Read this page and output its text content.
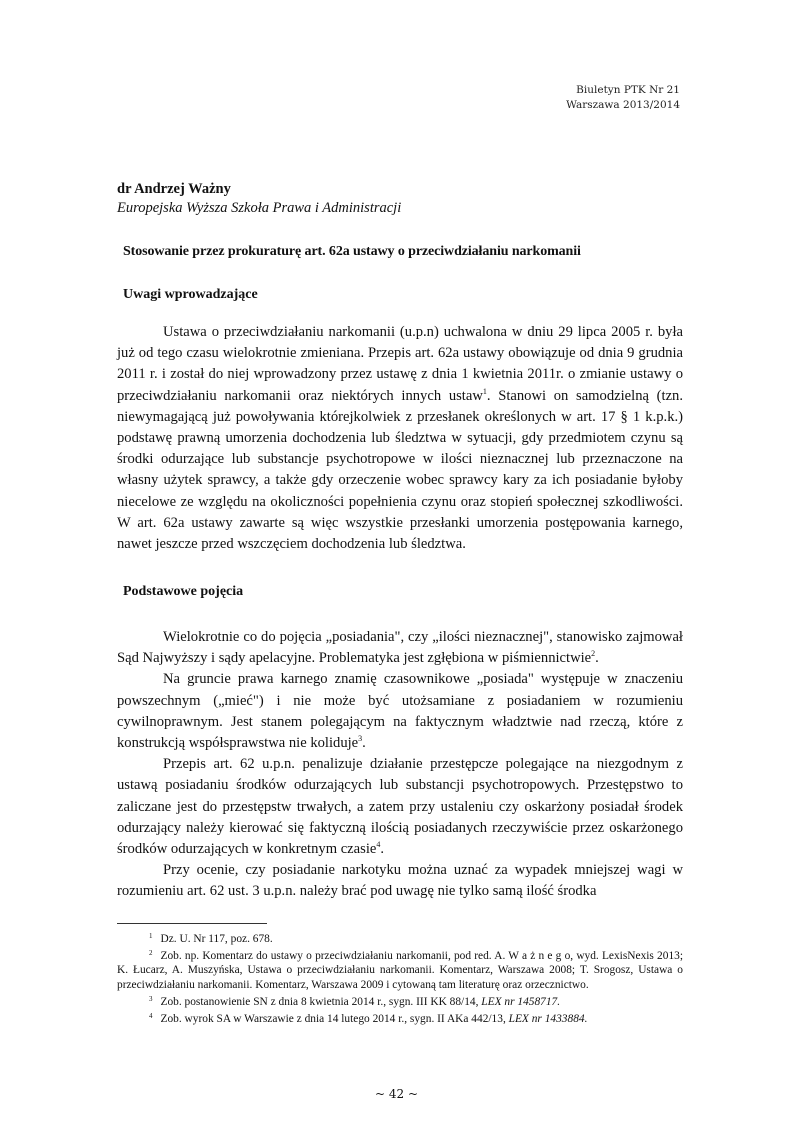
Biuletyn PTK Nr 21
Warszawa 2013/2014
dr Andrzej Ważny
Europejska Wyższa Szkoła Prawa i Administracji
Stosowanie przez prokuraturę art. 62a ustawy o przeciwdziałaniu narkomanii
Uwagi wprowadzające

Ustawa o przeciwdziałaniu narkomanii (u.p.n) uchwalona w dniu 29 lipca 2005 r. była już od tego czasu wielokrotnie zmieniana. Przepis art. 62a ustawy obowiązuje od dnia 9 grudnia 2011 r. i został do niej wprowadzony przez ustawę z dnia 1 kwietnia 2011r. o zmianie ustawy o przeciwdziałaniu narkomanii oraz niektórych innych ustaw$^1$. Stanowi on samodzielną (tzn. niewymagającą już powoływania którejkolwiek z przesłanek określonych w art. 17 § 1 k.p.k.) podstawę prawną umorzenia dochodzenia lub śledztwa w sytuacji, gdy przedmiotem czynu są środki odurzające lub substancje psychotropowe w ilości nieznacznej lub przeznaczone na własny użytek sprawcy, a także gdy orzeczenie wobec sprawcy kary za ich posiadanie byłoby niecelowe ze względu na okoliczności popełnienia czynu oraz stopień społecznej szkodliwości. W art. 62a ustawy zawarte są więc wszystkie przesłanki umorzenia postępowania karnego, nawet jeszcze przed wszczęciem dochodzenia lub śledztwa.

Podstawowe pojęcia

Wielokrotnie co do pojęcia „posiadania", czy „ilości nieznacznej", stanowisko zajmował Sąd Najwyższy i sądy apelacyjne. Problematyka jest zgłębiona w piśmiennictwie$^2$.

Na gruncie prawa karnego znamię czasownikowe „posiada" występuje w znaczeniu powszechnym („mieć") i nie może być utożsamiane z posiadaniem w rozumieniu cywilnoprawnym. Jest stanem polegającym na faktycznym władztwie nad rzeczą, które z konstrukcją współsprawstwa nie koliduje$^3$.

Przepis art. 62 u.p.n. penalizuje działanie przestępcze polegające na niezgodnym z ustawą posiadaniu środków odurzających lub substancji psychotropowych. Przestępstwo to zaliczane jest do przestępstw trwałych, a zatem przy ustaleniu czy oskarżony posiadał środek odurzający należy kierować się faktyczną ilością posiadanych rzeczywiście przez oskarżonego środków odurzających w konkretnym czasie$^4$.

Przy ocenie, czy posiadanie narkotyku można uznać za wypadek mniejszej wagi w rozumieniu art. 62 ust. 3 u.p.n. należy brać pod uwagę nie tylko samą ilość środka

$^1$ Dz. U. Nr 117, poz. 678.

$^2$ Zob. np. Komentarz do ustawy o przeciwdziałaniu narkomanii, pod red. A. W a ż n e g o, wyd. LexisNexis 2013; K. Łucarz, A. Muszyńska, Ustawa o przeciwdziałaniu narkomanii. Komentarz, Warszawa 2008; T. Srogosz, Ustawa o przeciwdziałaniu narkomanii. Komentarz, Warszawa 2009 i cytowaną tam literaturę oraz orzecznictwo.

$^3$ Zob. postanowienie SN z dnia 8 kwietnia 2014 r., sygn. III KK 88/14, LEX nr 1458717.

$^4$ Zob. wyrok SA w Warszawie z dnia 14 lutego 2014 r., sygn. II AKa 442/13, LEX nr 1433884.

~ 42 ~
